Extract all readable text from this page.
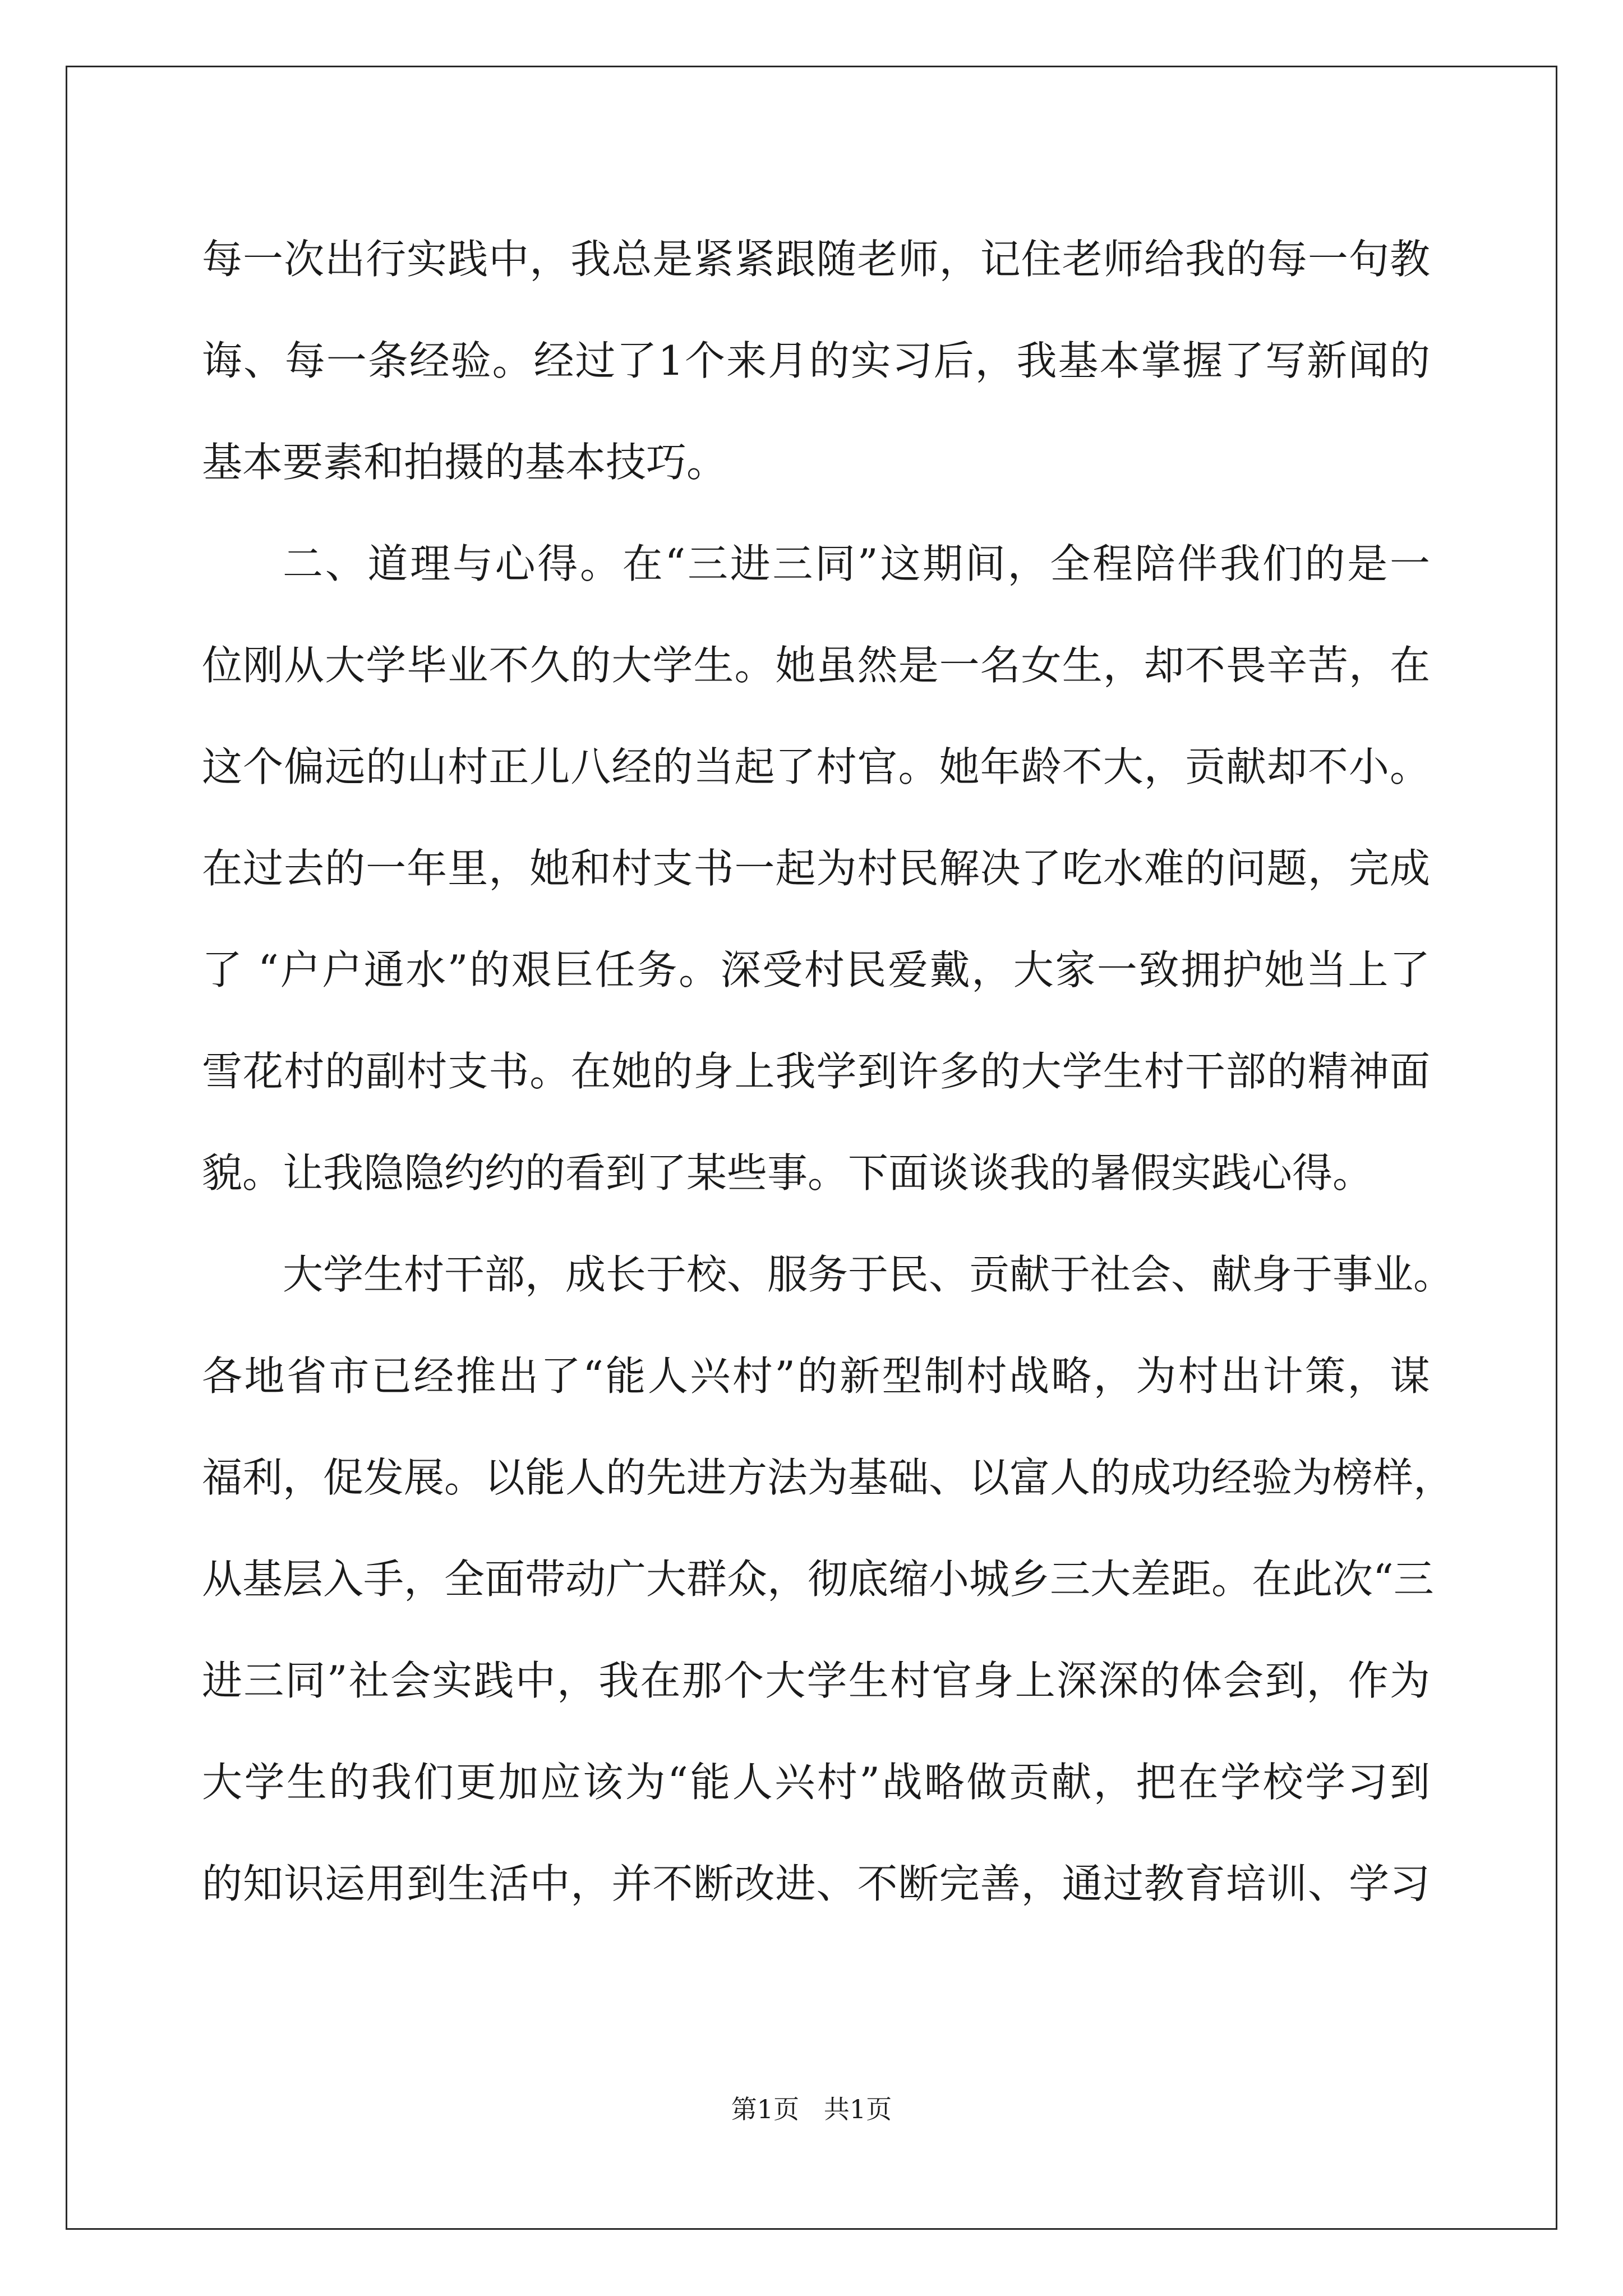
每一次出行实践中，我总是紧紧跟随老师，记住老师给我的每一句教
诲、每一条经验。经过了1个来月的实习后，我基本掌握了写新闻的
基本要素和拍摄的基本技巧。
二、道理与心得。在“三进三同”这期间，全程陪伴我们的是一
位刚从大学毕业不久的大学生。她虽然是一名女生，却不畏辛苦，在
这个偏远的山村正儿八经的当起了村官。她年龄不大，贡献却不小。
在过去的一年里，她和村支书一起为村民解决了吃水难的问题，完成
了 “户户通水”的艰巨任务。深受村民爱戴，大家一致拥护她当上了
雪花村的副村支书。在她的身上我学到许多的大学生村干部的精神面
貌。让我隐隐约约的看到了某些事。下面谈谈我的暑假实践心得。
大学生村干部，成长于校、服务于民、贡献于社会、献身于事业。
各地省市已经推出了“能人兴村”的新型制村战略，为村出计策，谋
福利，促发展。以能人的先进方法为基础、以富人的成功经验为榜样，
从基层入手，全面带动广大群众，彻底缩小城乡三大差距。在此次“三
进三同”社会实践中，我在那个大学生村官身上深深的体会到，作为
大学生的我们更加应该为“能人兴村”战略做贡献，把在学校学习到
的知识运用到生活中，并不断改进、不断完善，通过教育培训、学习
第1页   共1页
